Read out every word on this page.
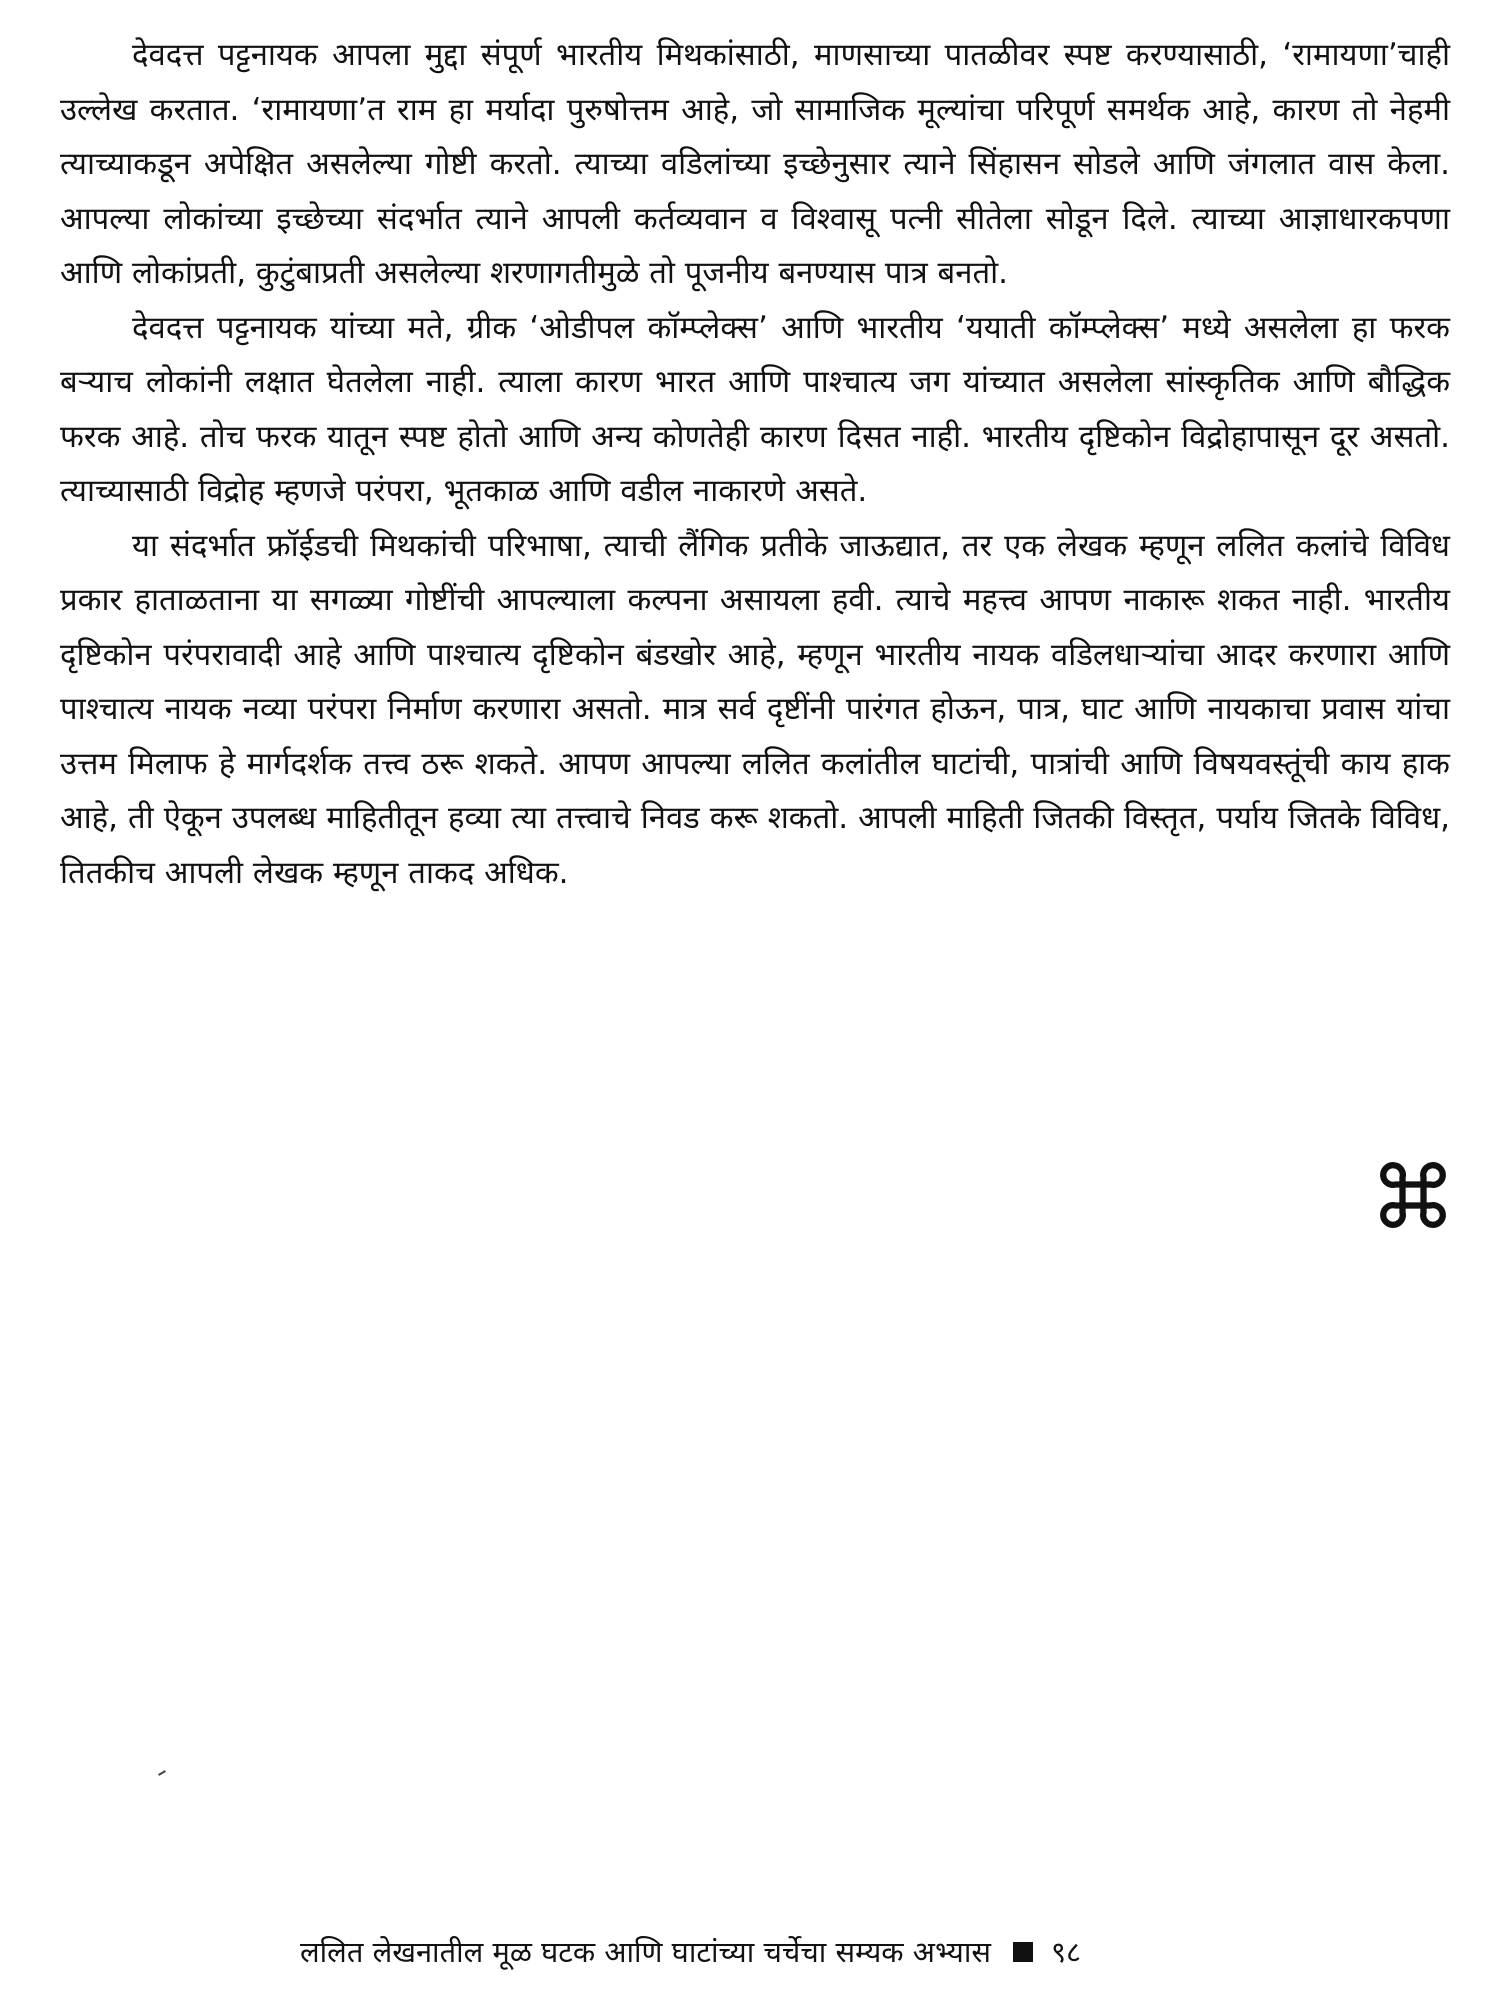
देवदत्त पट्टनायक आपला मुद्दा संपूर्ण भारतीय मिथकांसाठी, माणसाच्या पातळीवर स्पष्ट करण्यासाठी, ‘रामायणा’चाही उल्लेख करतात. ‘रामायणा’त राम हा मर्यादा पुरुषोत्तम आहे, जो सामाजिक मूल्यांचा परिपूर्ण समर्थक आहे, कारण तो नेहमी त्याच्याकडून अपेक्षित असलेल्या गोष्टी करतो. त्याच्या वडिलांच्या इच्छेनुसार त्याने सिंहासन सोडले आणि जंगलात वास केला. आपल्या लोकांच्या इच्छेच्या संदर्भात त्याने आपली कर्तव्यवान व विश्वासू पत्नी सीतेला सोडून दिले. त्याच्या आज्ञाधारकपणा आणि लोकांप्रती, कुटुंबाप्रती असलेल्या शरणागतीमुळे तो पूजनीय बनण्यास पात्र बनतो.

देवदत्त पट्टनायक यांच्या मते, ग्रीक ‘ओडीपल कॉम्प्लेक्स’ आणि भारतीय ‘ययाती कॉम्प्लेक्स’ मध्ये असलेला हा फरक बऱ्याच लोकांनी लक्षात घेतलेला नाही. त्याला कारण भारत आणि पाश्चात्य जग यांच्यात असलेला सांस्कृतिक आणि बौद्धिक फरक आहे. तोच फरक यातून स्पष्ट होतो आणि अन्य कोणतेही कारण दिसत नाही. भारतीय दृष्टिकोन विद्रोहापासून दूर असतो. त्याच्यासाठी विद्रोह म्हणजे परंपरा, भूतकाळ आणि वडील नाकारणे असते.

या संदर्भात फ्रॉईडची मिथकांची परिभाषा, त्याची लैंगिक प्रतीके जाऊद्यात, तर एक लेखक म्हणून ललित कलांचे विविध प्रकार हाताळताना या सगळ्या गोष्टींची आपल्याला कल्पना असायला हवी. त्याचे महत्त्व आपण नाकारू शकत नाही. भारतीय दृष्टिकोन परंपरावादी आहे आणि पाश्चात्य दृष्टिकोन बंडखोर आहे, म्हणून भारतीय नायक वडिलधाऱ्यांचा आदर करणारा आणि पाश्चात्य नायक नव्या परंपरा निर्माण करणारा असतो. मात्र सर्व दृष्टींनी पारंगत होऊन, पात्र, घाट आणि नायकाचा प्रवास यांचा उत्तम मिलाफ हे मार्गदर्शक तत्त्व ठरू शकते. आपण आपल्या ललित कलांतील घाटांची, पात्रांची आणि विषयवस्तूंची काय हाक आहे, ती ऐकून उपलब्ध माहितीतून हव्या त्या तत्त्वाचे निवड करू शकतो. आपली माहिती जितकी विस्तृत, पर्याय जितके विविध, तितकीच आपली लेखक म्हणून ताकद अधिक.

ललित लेखनातील मूळ घटक आणि घाटांच्या चर्चेचा सम्यक अभ्यास ९८
